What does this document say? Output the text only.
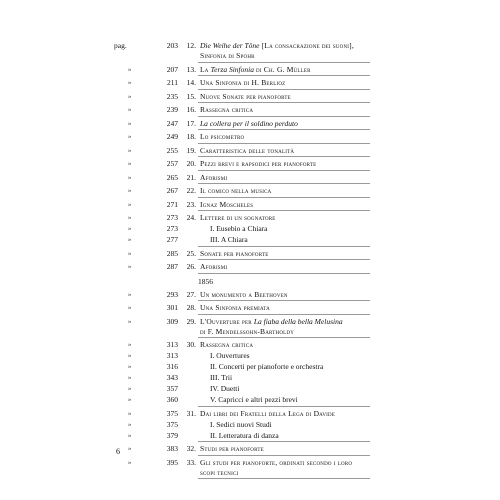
pag.	203	12. Die Weihe der Töne [La consacrazione dei suoni],
Sinfonia di Spohr
»	207	13. La Terza Sinfonia di Ch. G. Müller
»	211	14. Una Sinfonia di H. Berlioz
»	235	15. Nuove Sonate per pianoforte
»	239	16. Rassegna critica
»	247	17. La collera per il soldino perduto
»	249	18. Lo psicometro
»	255	19. Caratteristica delle tonalità
»	257	20. Pezzi brevi e rapsodici per pianoforte
»	265	21. Aforismi
»	267	22. Il comico nella musica
»	271	23. Ignaz Moscheles
»	273	24. Lettere di un sognatore
»	273	I. Eusebio a Chiara
»	277	III. A Chiara
»	285	25. Sonate per pianoforte
»	287	26. Aforismi
1856
»	293	27. Un monumento a Beethoven
»	301	28. Una Sinfonia premiata
»	309	29. L'Ouverture per La fiaba della bella Melusina
di F. Mendelssohn-Bartholdy
»	313	30. Rassegna critica
»	313	I. Ouvertures
»	316	II. Concerti per pianoforte e orchestra
»	343	III. Trii
»	357	IV. Duetti
»	360	V. Capricci e altri pezzi brevi
»	375	31. Dai libri dei Fratelli della Lega di Davide
»	375	I. Sedici nuovi Studi
»	379	II. Letteratura di danza
»	383	32. Studi per pianoforte
»	395	33. Gli studi per pianoforte, ordinati secondo i loro
scopi tecnici
6
